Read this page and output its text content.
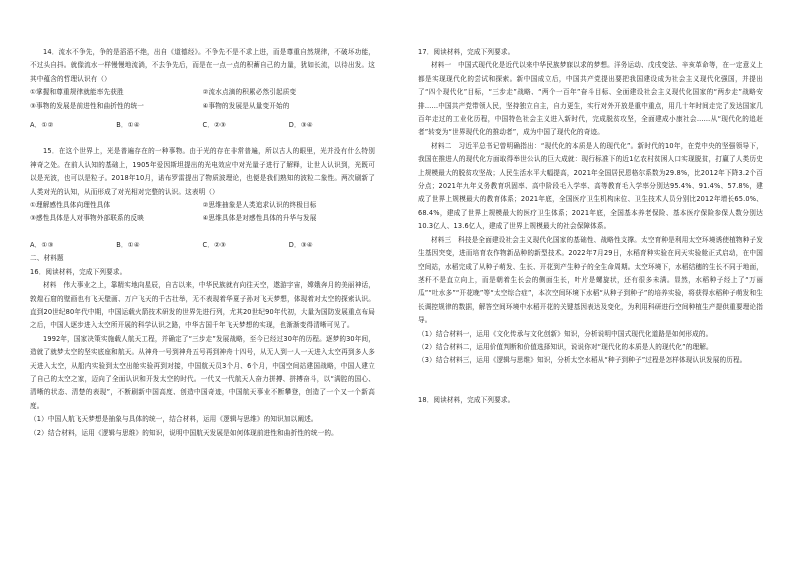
14．流水不争先，争的是滔滔不绝，出自《道德经》。不争先不是不求上进，而是尊重自然规律，不破坏功能，不过头自抖。就像流水一样慢慢地流淌，不去争先后，而是在一点一点的积蓄自己的力量，犹如长流，以待出发。这其中蕴含的哲理认识有（）

①掌握和尊重规律就能率先获胜	②流水点滴的积累必然引起质变
③事物的发展是前进性和曲折性的统一	④事物的发展是从量变开始的
A．①②	B．①④	C．②③	D．③④

15．在这个世界上，光是普遍存在的一种事物。由于光的存在非常普遍，所以古人的眼里，光并没有什么特别神奇之处。在前人认知的基础上，1905年爱因斯坦提出的光电效应中对光量子进行了解释，让世人认识到，光既可以是光波，也可以是粒子。2018年10月，诺布罗雷提出了物质波理论，也便是我们熟知的波粒二象性。两次刷新了人类对光的认知，从而形成了对光相对完整的认识。这表明（）

①理解感性具体向理性具体	②思维抽象是人类追求认识的终极目标
③感性具体是人对事物外部联系的反映	④思维具体是对感性具体的升华与发展
A．①③	B．①④	C．②③	D．③④

二、材料题

16．阅读材料，完成下列要求。

材料　伟大事业之上，靠精实地向星辰，自古以来，中华民族就有向往天空，遨游宇宙，嫦娥奔月的美丽神话，敦煌石窟的壁画也有飞天壁画、万户飞天的千古壮举，无不表现着华夏子孙对飞天梦想，体现着对太空的探索认识。直到20世纪80年代中期，中国运载火箭技术研发的世界先进行列，尤其20世纪90年代初，大量为国防发展重点布局之后，中国人逐步进入太空所开展的科学认识之路，中华古国千年飞天梦想的实现，也渐渐变得清晰可见了。

1992年，国家决策实施载人航天工程，并确定了“三步走”发展战略，至今已经过30年的历程。逐梦的30年间，造就了就梦太空的坚实底座和航天。从神舟一号到神舟五号再到神舟十四号，从无人到一人一天进入太空再到多人多天进入太空，从船内实验到太空出舱实验再到对接，中国航天员3个月、6个月，中国空间站建国战略，中国人建立了自己的太空之家，迈向了全面认识和开发太空的时代。一代又一代航天人奋力拼搏、拼搏奋斗，以“满腔的国心、清晰的状态、清楚的表现”，不断刷新中国高度、创造中国奇迹，中国航天事业不断攀登，创造了一个又一个新高度。

（1）中国人航飞天梦想是抽象与具体的统一，结合材料，运用《逻辑与思维》的知识加以阐述。

（2）结合材料，运用《逻辑与思维》的知识，说明中国航天发展是如何体现前进性和曲折性的统一的。

17．阅读材料，完成下列要求。

材料一　中国式现代化是近代以来中华民族梦寐以求的梦想。洋务运动、戊戌变法、辛亥革命等，在一定意义上都是实现现代化的尝试和探索。新中国成立后，中国共产党提出要把我国建设成为社会主义现代化强国，并提出了“四个现代化”目标，“三步走”战略、“两个一百年”奋斗目标、全面建设社会主义现代化国家的“两步走”战略安排……中国共产党带领人民，坚持独立自主，自力更生，实行对外开放是重中重点，用几十年时间走完了发达国家几百年走过的工业化历程，中国特色社会主义进入新时代，完成脱贫攻坚，全面建成小康社会……从“现代化的追赶者”转变为“世界现代化的推动者”，成为中国了现代化的奇迹。

材料二　习近平总书记曾明确指出：“现代化的本质是人的现代化”。新时代的10年，在党中央的坚强领导下，我国在推进人的现代化方面取得举世公认的巨大成就：现行标准下的近1亿农村贫困人口实现脱贫，打赢了人类历史上规模最大的脱贫攻坚战；人民生活水平大幅提高，2021年全国居民恩格尔系数为29.8%，比2012年下降3.2个百分点；2021年九年义务教育巩固率、高中阶段毛入学率、高等教育毛入学率分别达95.4%、91.4%、57.8%，建成了世界上规模最大的教育体系；2021年底，全国医疗卫生机构床位、卫生技术人员分别比2012年增长65.0%、68.4%，建成了世界上规模最大的医疗卫生体系；2021年底，全国基本养老保险、基本医疗保险参保人数分别达10.3亿人、13.6亿人，建成了世界上规模最大的社会保障体系。

材料三　科技是全面建设社会主义现代化国家的基础性、战略性支撑。太空育种是利用太空环境诱使植物种子发生基因突变，进而培育农作物新品种的新型技术。2022年7月29日，水稻育种实验在问天实验舱正式启动，在中国空间站，水稻完成了从种子萌发、生长、开花到产生种子的全生命周期。太空环境下，水稻结穗的生长不同于地面，茎秆不是直立向上，而是朝着生长会的侧面生长，叶片是螺旋状，还有很多未满。显然，水稻种子经上了“万丽瓜”“吐水多”“开花晚”等“太空综合症”，本次空间环境下水稻“从种子到种子”的培养实验，将获得水稻种子萌发和生长调控规律的数据，解答空间环境中水稻开花的关键基因表达及变化，为利用科研进行空间种植生产提供重要理论指导。

（1）结合材料一，运用《文化传承与文化创新》知识，分析说明中国式现代化道路是如何形成的。

（2）结合材料二，运用价值判断和价值选择知识，说说你对“现代化的本质是人的现代化”的理解。

（3）结合材料三，运用《逻辑与思维》知识，分析太空水稻从“种子到种子”过程是怎样体现认识发展的历程。

18．阅读材料，完成下列要求。
